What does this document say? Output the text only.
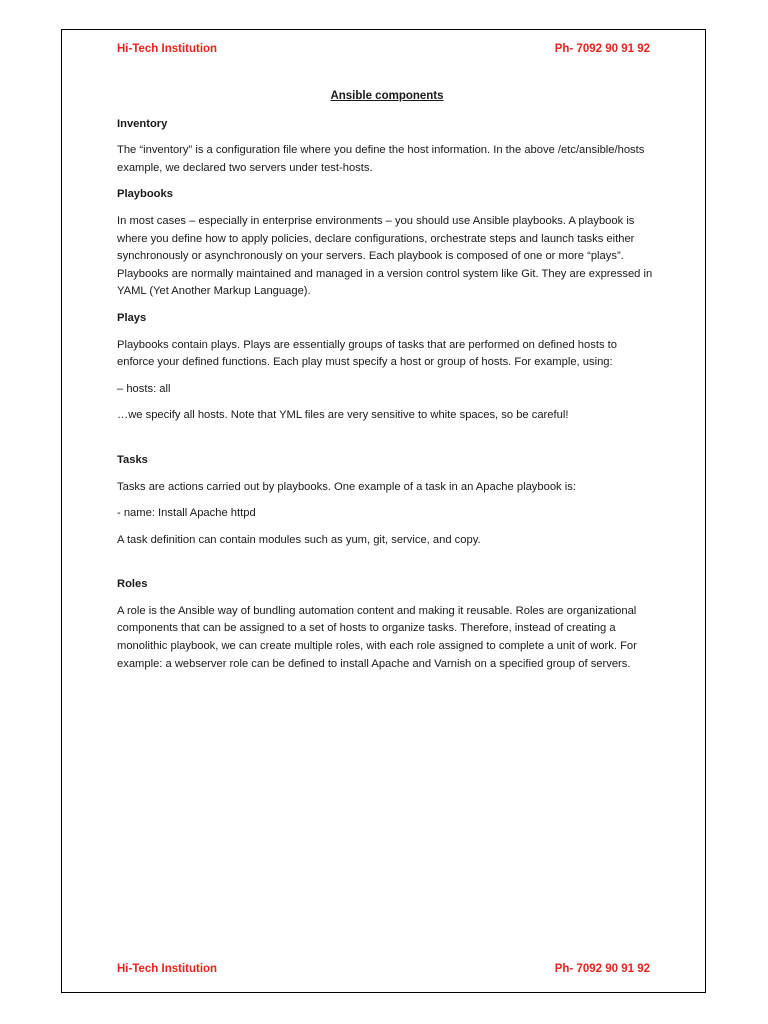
Hi-Tech Institution	Ph- 7092 90 91 92
Ansible components
Inventory
The “inventory” is a configuration file where you define the host information. In the above /etc/ansible/hosts example, we declared two servers under test-hosts.
Playbooks
In most cases – especially in enterprise environments – you should use Ansible playbooks. A playbook is where you define how to apply policies, declare configurations, orchestrate steps and launch tasks either synchronously or asynchronously on your servers. Each playbook is composed of one or more “plays”. Playbooks are normally maintained and managed in a version control system like Git. They are expressed in YAML (Yet Another Markup Language).
Plays
Playbooks contain plays. Plays are essentially groups of tasks that are performed on defined hosts to enforce your defined functions. Each play must specify a host or group of hosts. For example, using:
– hosts: all
…we specify all hosts. Note that YML files are very sensitive to white spaces, so be careful!
Tasks
Tasks are actions carried out by playbooks. One example of a task in an Apache playbook is:
- name: Install Apache httpd
A task definition can contain modules such as yum, git, service, and copy.
Roles
A role is the Ansible way of bundling automation content and making it reusable. Roles are organizational components that can be assigned to a set of hosts to organize tasks. Therefore, instead of creating a monolithic playbook, we can create multiple roles, with each role assigned to complete a unit of work. For example: a webserver role can be defined to install Apache and Varnish on a specified group of servers.
Hi-Tech Institution	Ph- 7092 90 91 92
